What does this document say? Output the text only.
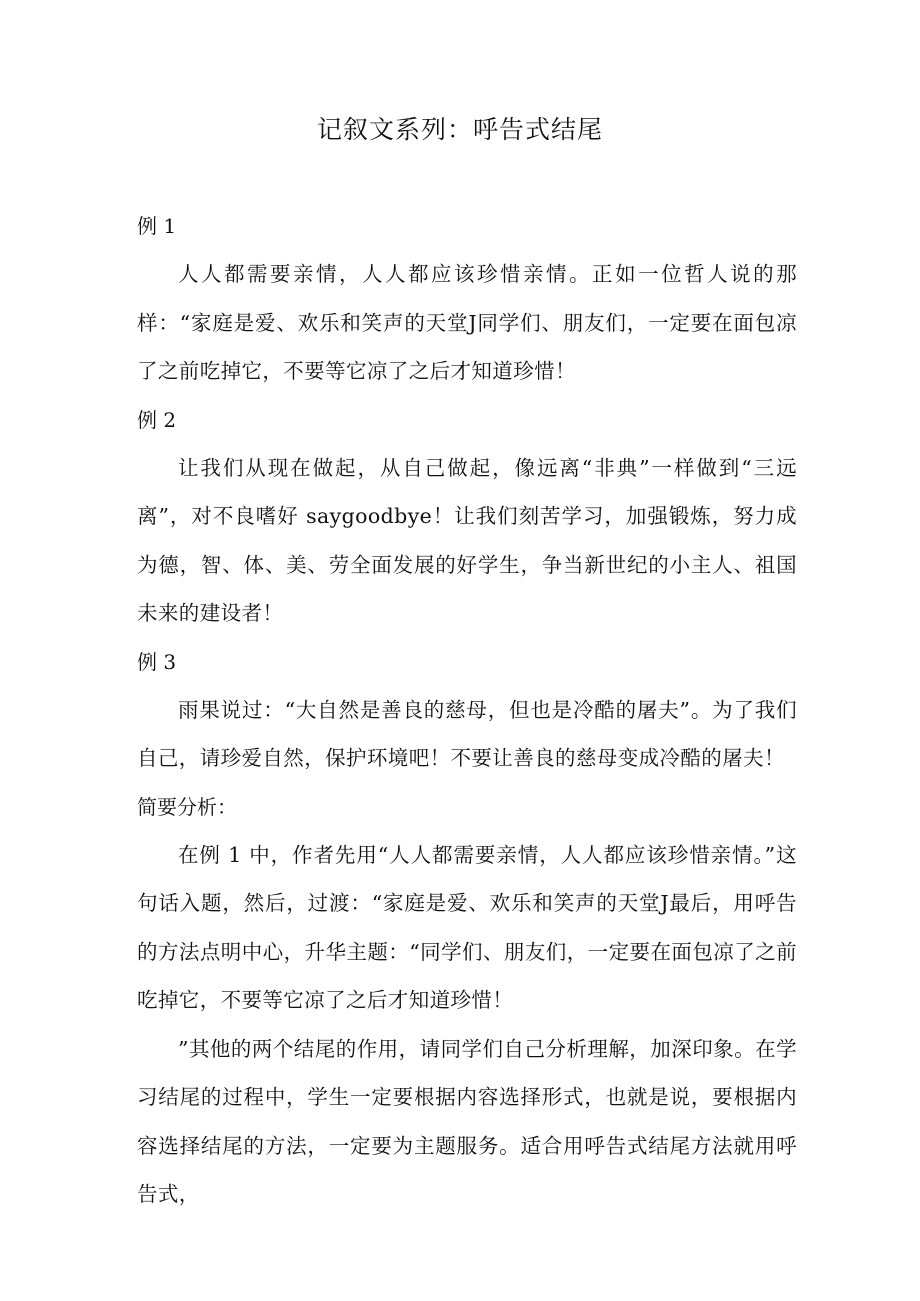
记叙文系列：呼告式结尾

例 1

人人都需要亲情，人人都应该珍惜亲情。正如一位哲人说的那样：“家庭是爱、欢乐和笑声的天堂J同学们、朋友们，一定要在面包凉了之前吃掉它，不要等它凉了之后才知道珍惜！

例 2

让我们从现在做起，从自己做起，像远离“非典”一样做到“三远离”，对不良嗜好 saygoodbye！让我们刻苦学习，加强锻炼，努力成为德，智、体、美、劳全面发展的好学生，争当新世纪的小主人、祖国未来的建设者！

例 3

雨果说过：“大自然是善良的慈母，但也是冷酷的屠夫”。为了我们自己，请珍爱自然，保护环境吧！不要让善良的慈母变成冷酷的屠夫！

简要分析：

在例 1 中，作者先用“人人都需要亲情，人人都应该珍惜亲情。”这句话入题，然后，过渡：“家庭是爱、欢乐和笑声的天堂J最后，用呼告的方法点明中心，升华主题：“同学们、朋友们，一定要在面包凉了之前吃掉它，不要等它凉了之后才知道珍惜！

”其他的两个结尾的作用，请同学们自己分析理解，加深印象。在学习结尾的过程中，学生一定要根据内容选择形式，也就是说，要根据内容选择结尾的方法，一定要为主题服务。适合用呼告式结尾方法就用呼告式，
